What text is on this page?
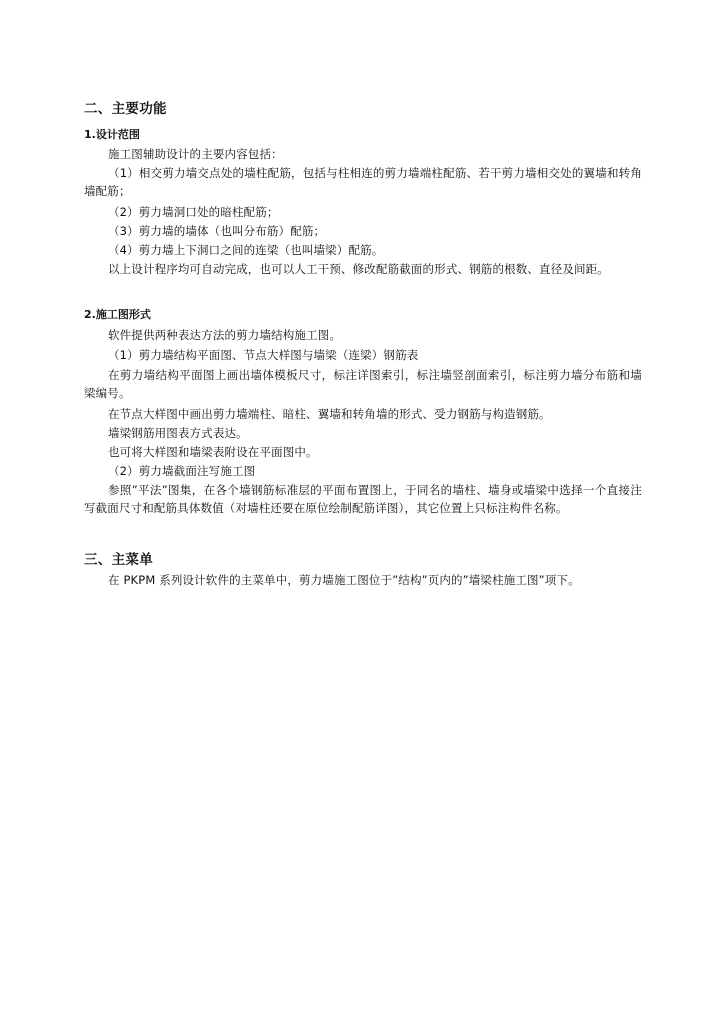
二、主要功能
1.设计范围
施工图辅助设计的主要内容包括：
（1）相交剪力墙交点处的墙柱配筋，包括与柱相连的剪力墙端柱配筋、若干剪力墙相交处的翼墙和转角墙配筋；
（2）剪力墙洞口处的暗柱配筋；
（3）剪力墙的墙体（也叫分布筋）配筋；
（4）剪力墙上下洞口之间的连梁（也叫墙梁）配筋。
以上设计程序均可自动完成，也可以人工干预、修改配筋截面的形式、钢筋的根数、直径及间距。
2.施工图形式
软件提供两种表达方法的剪力墙结构施工图。
（1）剪力墙结构平面图、节点大样图与墙梁（连梁）钢筋表
在剪力墙结构平面图上画出墙体模板尺寸，标注详图索引，标注墙竖剖面索引，标注剪力墙分布筋和墙梁编号。
在节点大样图中画出剪力墙端柱、暗柱、翼墙和转角墙的形式、受力钢筋与构造钢筋。
墙梁钢筋用图表方式表达。
也可将大样图和墙梁表附设在平面图中。
（2）剪力墙截面注写施工图
参照”平法”图集，在各个墙钢筋标准层的平面布置图上，于同名的墙柱、墙身或墙梁中选择一个直接注写截面尺寸和配筋具体数值（对墙柱还要在原位绘制配筋详图），其它位置上只标注构件名称。
三、主菜单
在 PKPM 系列设计软件的主菜单中，剪力墙施工图位于”结构”页内的”墙梁柱施工图”项下。
